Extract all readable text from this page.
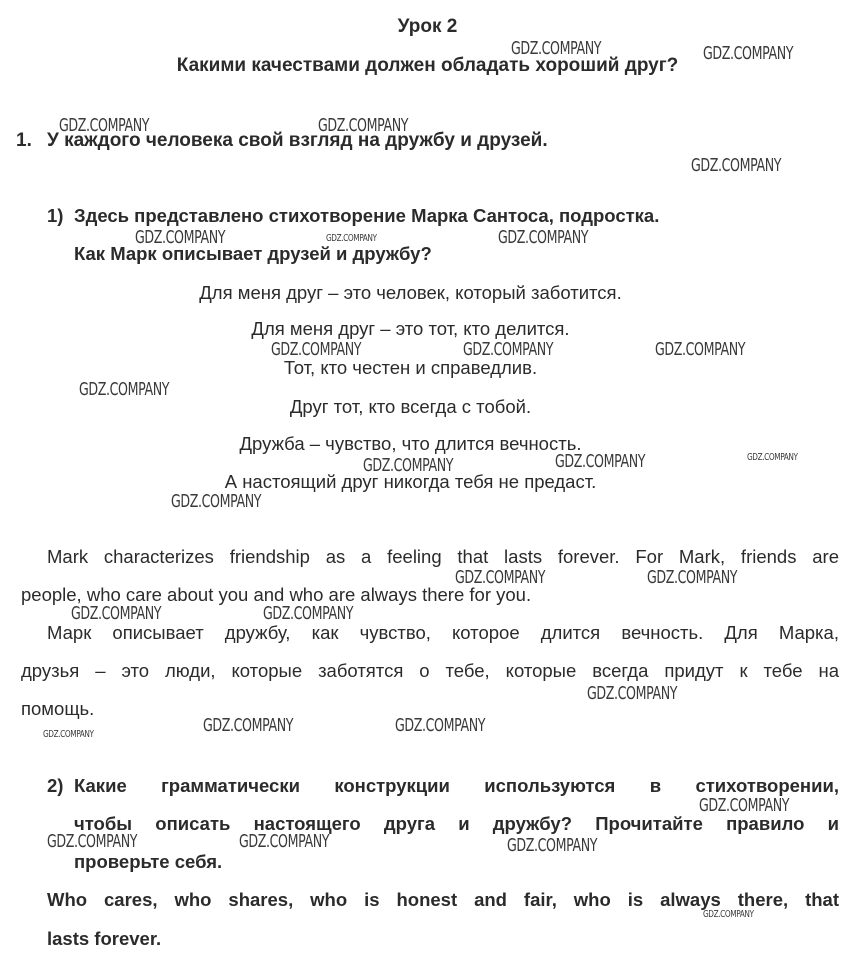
Урок 2
Какими качествами должен обладать хороший друг?
1. У каждого человека свой взгляд на дружбу и друзей.
1) Здесь представлено стихотворение Марка Сантоса, подростка.
Как Марк описывает друзей и дружбу?
Для меня друг – это человек, который заботится.
Для меня друг – это тот, кто делится.
Тот, кто честен и справедлив.
Друг тот, кто всегда с тобой.
Дружба – чувство, что длится вечность.
А настоящий друг никогда тебя не предаст.
Mark characterizes friendship as a feeling that lasts forever. For Mark, friends are
people, who care about you and who are always there for you.
Марк описывает дружбу, как чувство, которое длится вечность. Для Марка,
друзья – это люди, которые заботятся о тебе, которые всегда придут к тебе на
помощь.
2) Какие грамматически конструкции используются в стихотворении,
чтобы описать настоящего друга и дружбу? Прочитайте правило и
проверьте себя.
Who cares, who shares, who is honest and fair, who is always there, that
lasts forever.
GDZ.COMPANY	GDZ.COMPANY
GDZ.COMPANY	GDZ.COMPANY
GDZ.COMPANY
GDZ.COMPANY	GDZ.COMPANY	GDZ.COMPANY
GDZ.COMPANY	GDZ.COMPANY	GDZ.COMPANY
GDZ.COMPANY
GDZ.COMPANY	GDZ.COMPANY	GDZ.COMPANY
GDZ.COMPANY
GDZ.COMPANY	GDZ.COMPANY
GDZ.COMPANY	GDZ.COMPANY
GDZ.COMPANY
GDZ.COMPANY	GDZ.COMPANY	GDZ.COMPANY
GDZ.COMPANY
GDZ.COMPANY	GDZ.COMPANY	GDZ.COMPANY
GDZ.COMPANY
